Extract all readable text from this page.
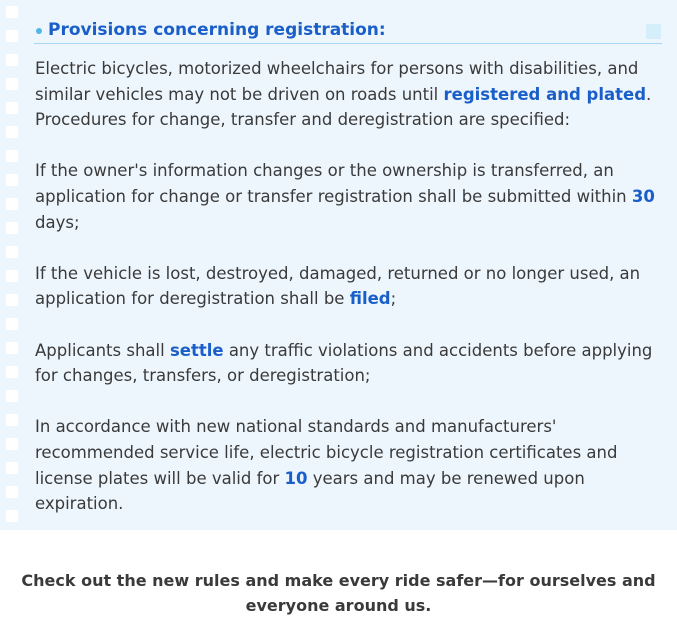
Provisions concerning registration:

Electric bicycles, motorized wheelchairs for persons with disabilities, and similar vehicles may not be driven on roads until registered and plated. Procedures for change, transfer and deregistration are specified:

If the owner's information changes or the ownership is transferred, an application for change or transfer registration shall be submitted within 30 days;

If the vehicle is lost, destroyed, damaged, returned or no longer used, an application for deregistration shall be filed;

Applicants shall settle any traffic violations and accidents before applying for changes, transfers, or deregistration;

In accordance with new national standards and manufacturers' recommended service life, electric bicycle registration certificates and license plates will be valid for 10 years and may be renewed upon expiration.

Check out the new rules and make every ride safer—for ourselves and everyone around us.
